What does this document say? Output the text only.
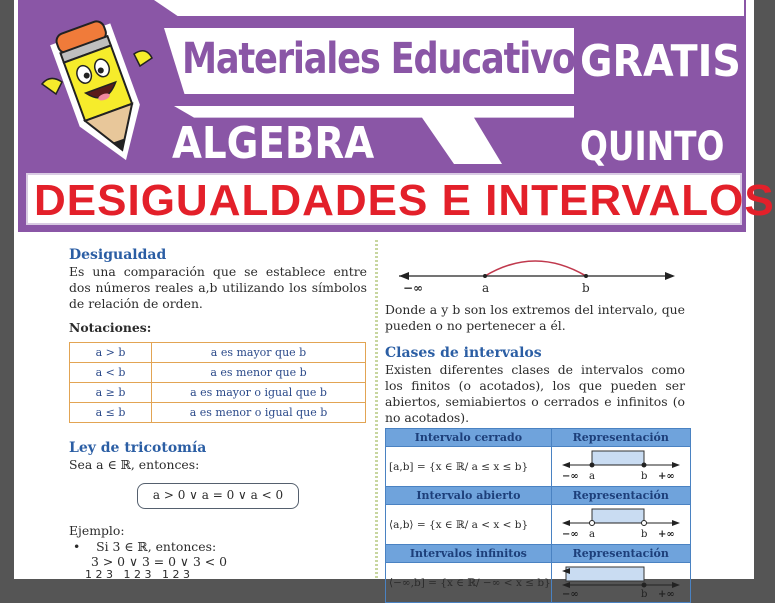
Materiales Educativos
GRATIS
ALGEBRA	QUINTO
DESIGUALDADES E INTERVALOS
Desigualdad

Es una comparación que se establece entre dos números reales a,b utilizando los símbolos de relación de orden.

Notaciones:

a > b	a es mayor que b
a < b	a es menor que b
a ≥ b	a es mayor o igual que b
a ≤ b	a es menor o igual que b
Ley de tricotomía

Sea a ∈ ℝ, entonces:

a > 0 ∨ a = 0 ∨ a < 0

Ejemplo:

•    Si 3 ∈ ℝ, entonces:

3 > 0 ∨ 3 = 0 ∨ 3 < 0

1 2 3   1 2 3   1 2 3

−∞	a	b

Donde a y b son los extremos del intervalo, que pueden o no pertenecer a él.

Clases de intervalos

Existen diferentes clases de intervalos como los finitos (o acotados), los que pueden ser abiertos, semiabiertos o cerrados e infinitos (o no acotados).

Intervalo cerrado	Representación
[a,b] = {x ∈ ℝ/ a ≤ x ≤ b}	−∞ a b +∞

Intervalo abierto	Representación
⟨a,b⟩ = {x ∈ ℝ/ a < x < b}	−∞ a b +∞

Intervalos infinitos	Representación
⟨−∞,b] = {x ∈ ℝ/ −∞ < x ≤ b}	−∞ b +∞
